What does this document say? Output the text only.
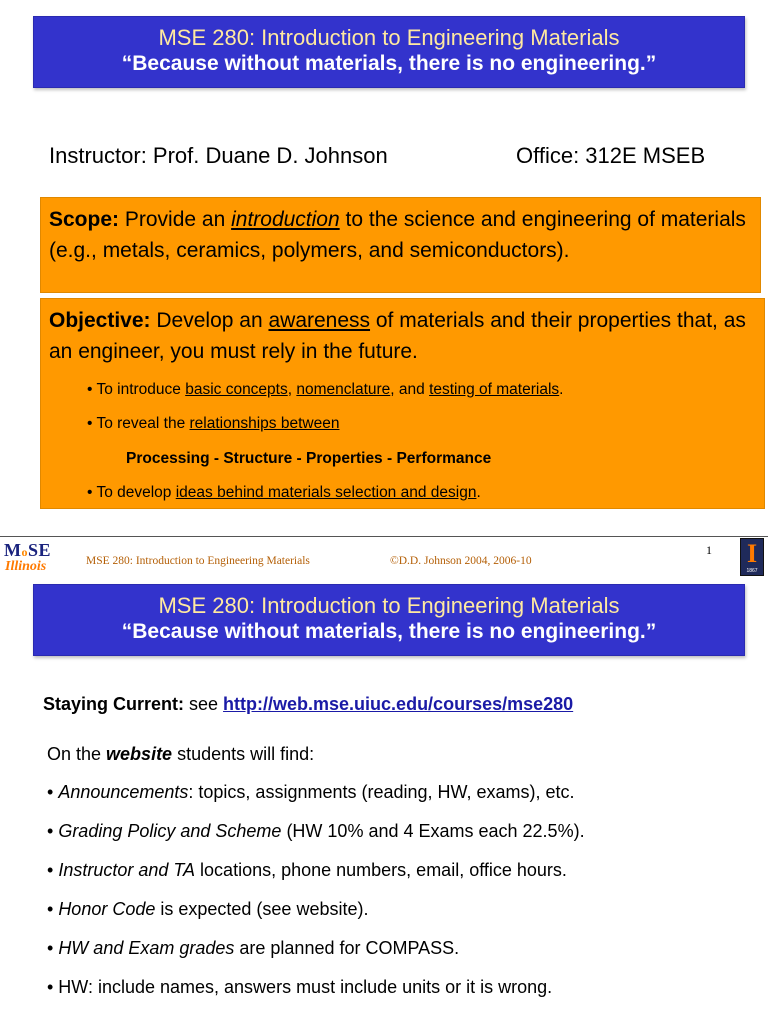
MSE 280: Introduction to Engineering Materials
“Because without materials, there is no engineering.”
Instructor: Prof. Duane D. Johnson	Office: 312E MSEB
Scope: Provide an introduction to the science and engineering of materials (e.g., metals, ceramics, polymers, and semiconductors).
Objective: Develop an awareness of materials and their properties that, as an engineer, you must rely in the future.
• To introduce basic concepts, nomenclature, and testing of materials.
• To reveal the relationships between
Processing - Structure - Properties - Performance
• To develop ideas behind materials selection and design.
MoSE
Illinois	MSE 280: Introduction to Engineering Materials	©D.D. Johnson 2004, 2006-10
1 I
1867
MSE 280: Introduction to Engineering Materials
“Because without materials, there is no engineering.”
Staying Current: see http://web.mse.uiuc.edu/courses/mse280
On the website students will find:
• Announcements: topics, assignments (reading, HW, exams), etc.
• Grading Policy and Scheme (HW 10% and 4 Exams each 22.5%).
• Instructor and TA locations, phone numbers, email, office hours.
• Honor Code is expected (see website).
• HW and Exam grades are planned for COMPASS.
• HW: include names, answers must include units or it is wrong.
